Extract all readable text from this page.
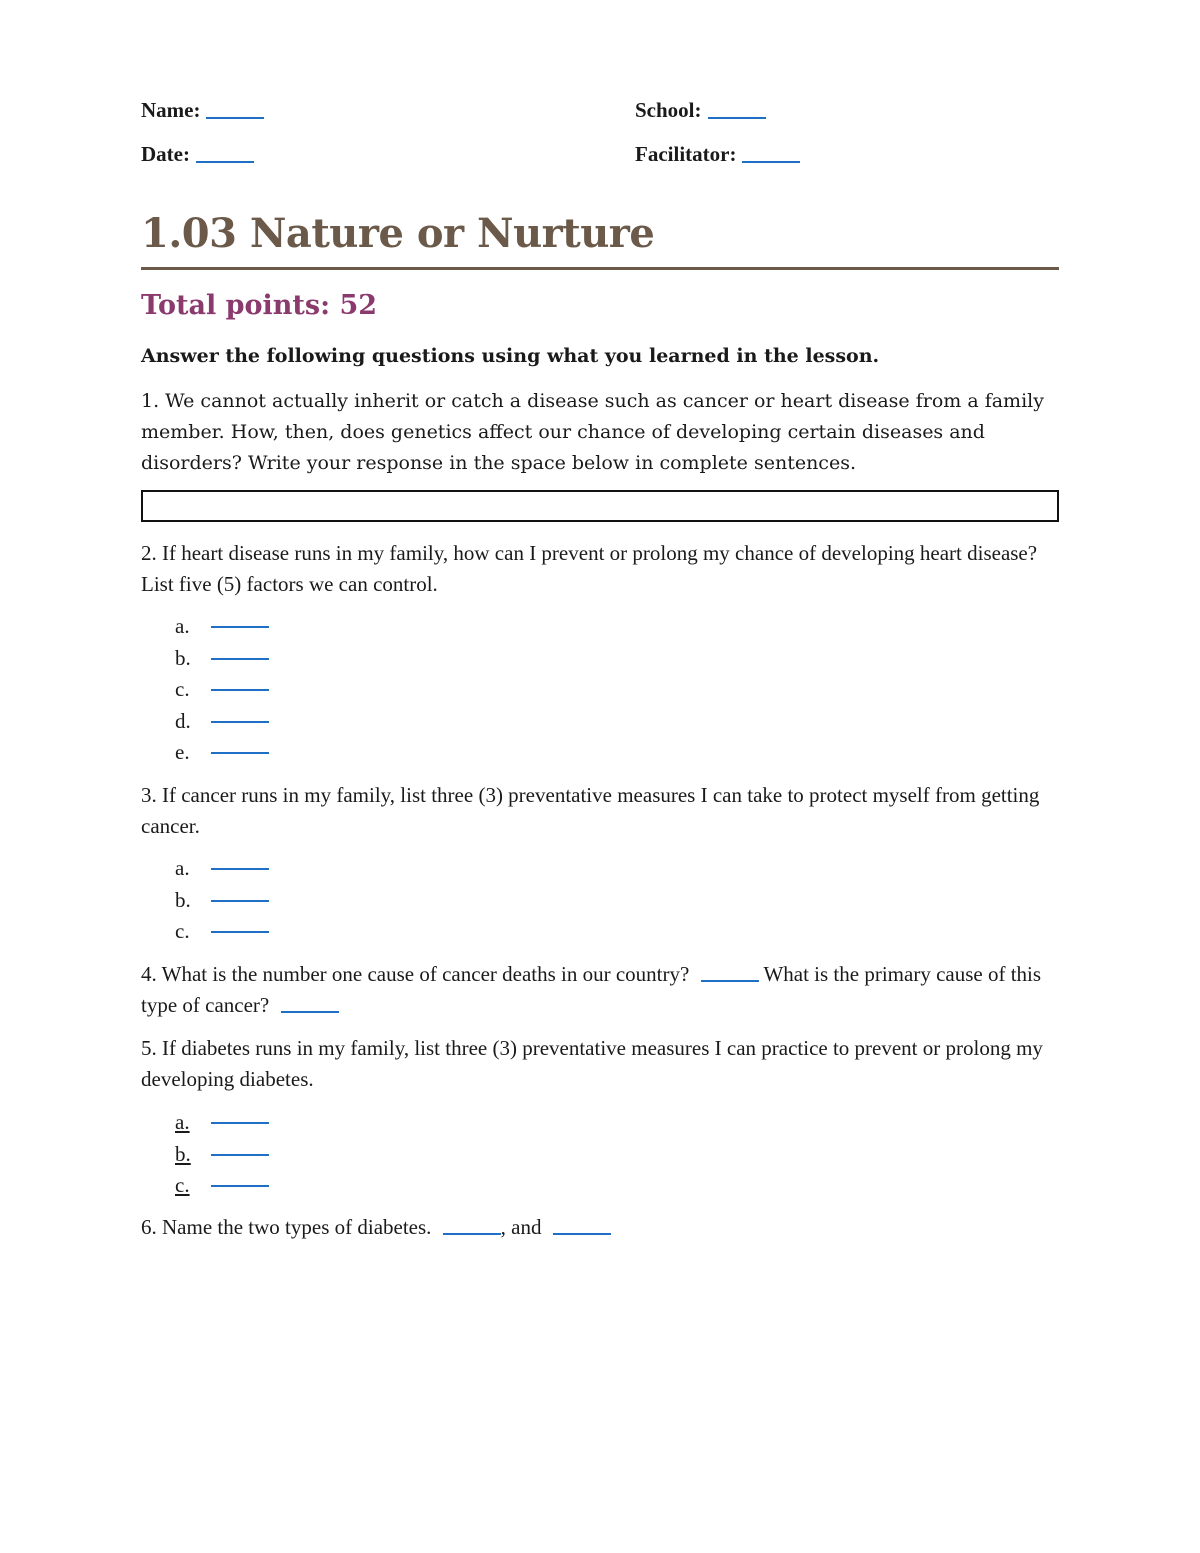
Name:	School:
Date:	Facilitator:
1.03 Nature or Nurture
Total points: 52
Answer the following questions using what you learned in the lesson.
1. We cannot actually inherit or catch a disease such as cancer or heart disease from a family member. How, then, does genetics affect our chance of developing certain diseases and disorders? Write your response in the space below in complete sentences.
2. If heart disease runs in my family, how can I prevent or prolong my chance of developing heart disease? List five (5) factors we can control.
a.
b.
c.
d.
e.
3. If cancer runs in my family, list three (3) preventative measures I can take to protect myself from getting cancer.
a.
b.
c.
4. What is the number one cause of cancer deaths in our country?	What is the primary cause of this type of cancer?
5. If diabetes runs in my family, list three (3) preventative measures I can practice to prevent or prolong my developing diabetes.
a.
b.
c.
6. Name the two types of diabetes.	, and
